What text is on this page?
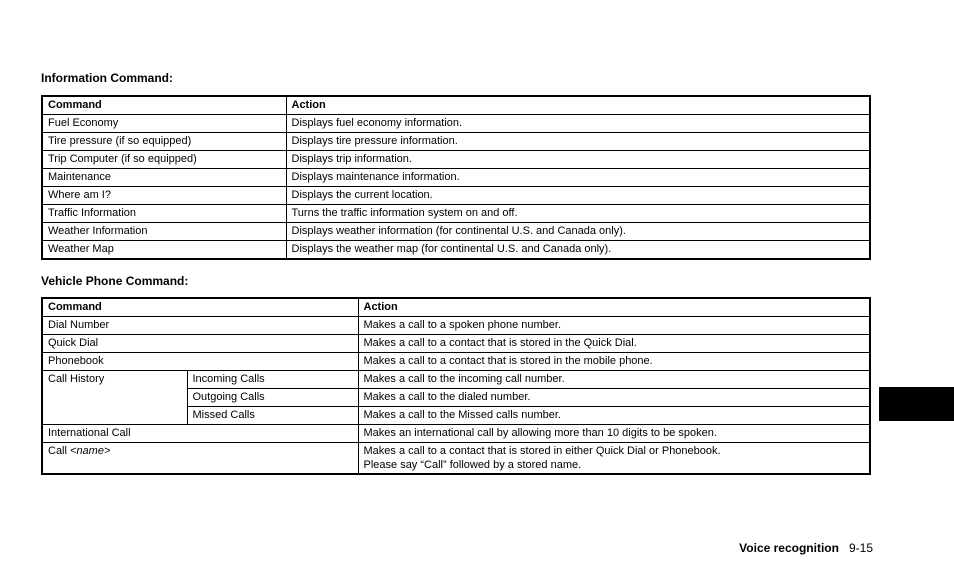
Information Command:
Command	Action
Fuel Economy	Displays fuel economy information.
Tire pressure (if so equipped)	Displays tire pressure information.
Trip Computer (if so equipped)	Displays trip information.
Maintenance	Displays maintenance information.
Where am I?	Displays the current location.
Traffic Information	Turns the traffic information system on and off.
Weather Information	Displays weather information (for continental U.S. and Canada only).
Weather Map	Displays the weather map (for continental U.S. and Canada only).
Vehicle Phone Command:
Command		Action
Dial Number		Makes a call to a spoken phone number.
Quick Dial		Makes a call to a contact that is stored in the Quick Dial.
Phonebook		Makes a call to a contact that is stored in the mobile phone.
Call History	Incoming Calls	Makes a call to the incoming call number.
	Outgoing Calls	Makes a call to the dialed number.
	Missed Calls	Makes a call to the Missed calls number.
International Call		Makes an international call by allowing more than 10 digits to be spoken.
Call <name>		Makes a call to a contact that is stored in either Quick Dial or Phonebook.
Please say “Call” followed by a stored name.
Voice recognition 9-15
